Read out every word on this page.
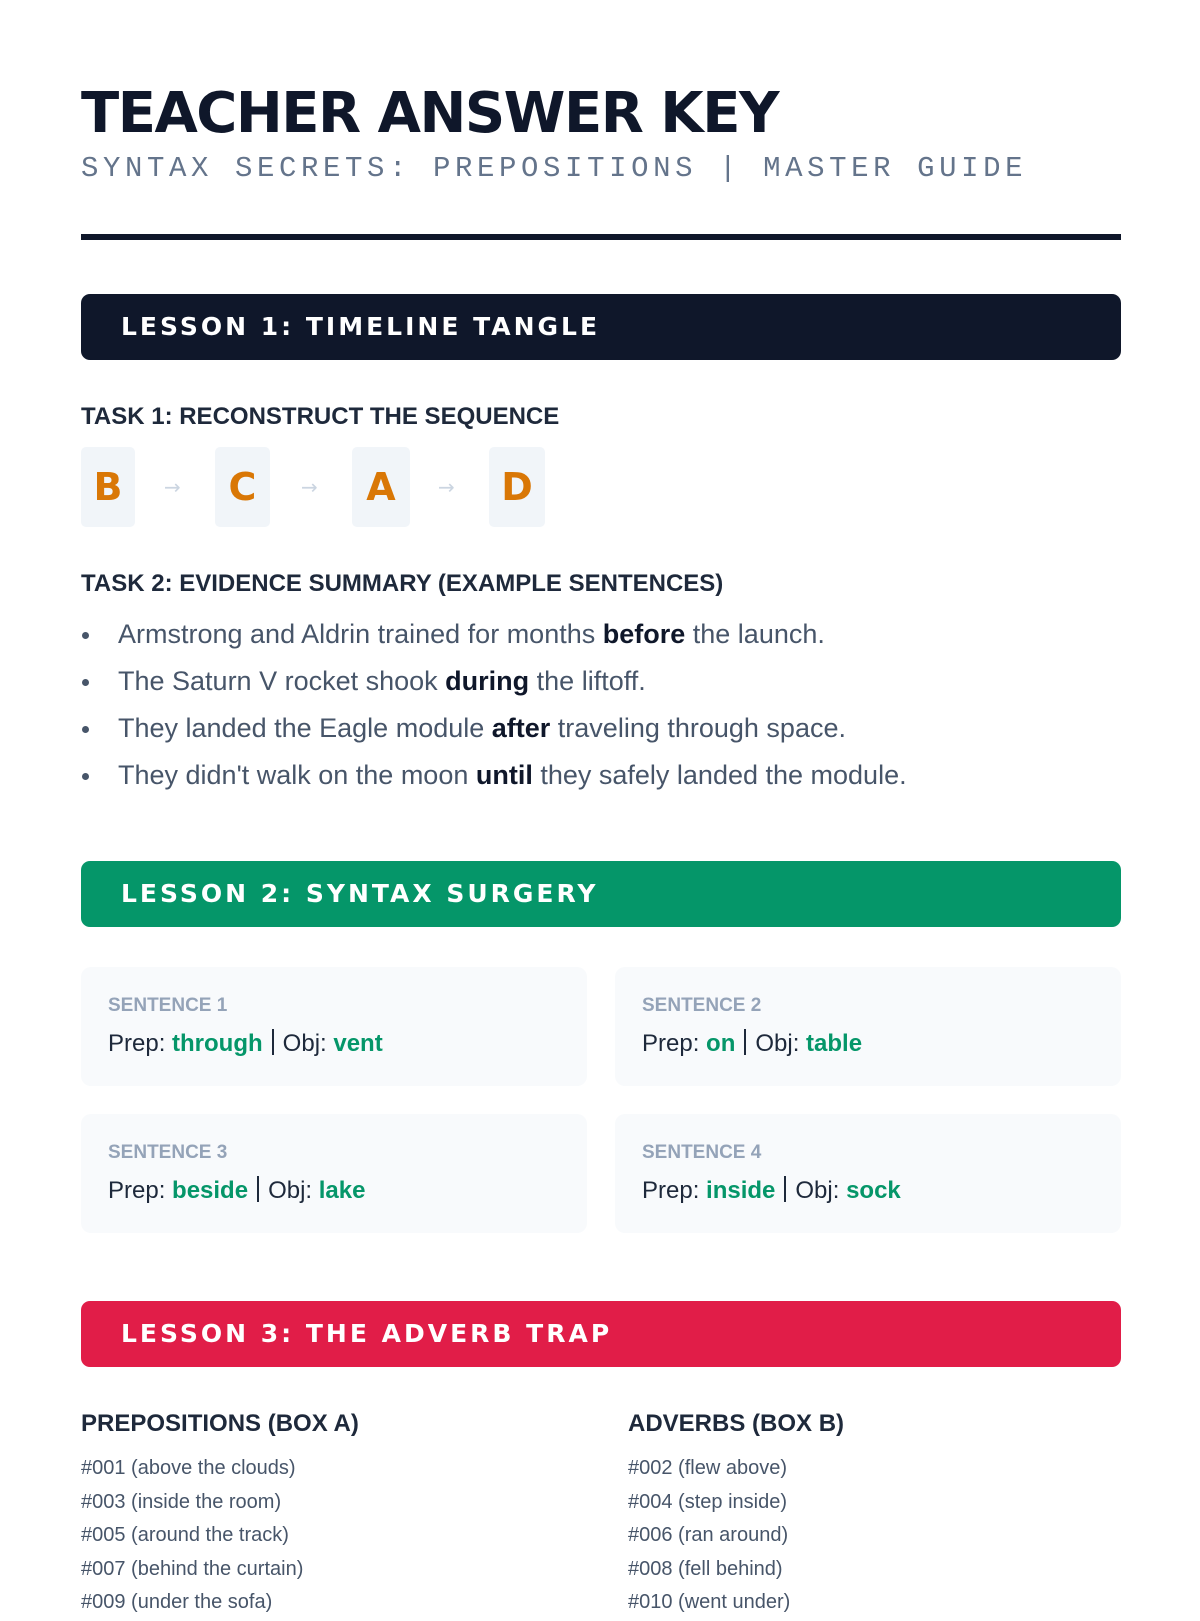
TEACHER ANSWER KEY
SYNTAX SECRETS: PREPOSITIONS | MASTER GUIDE
LESSON 1: TIMELINE TANGLE
TASK 1: RECONSTRUCT THE SEQUENCE
B	→	C	→	A	→	D
TASK 2: EVIDENCE SUMMARY (EXAMPLE SENTENCES)
Armstrong and Aldrin trained for months before the launch.
The Saturn V rocket shook during the liftoff.
They landed the Eagle module after traveling through space.
They didn't walk on the moon until they safely landed the module.
LESSON 2: SYNTAX SURGERY
SENTENCE 1
Prep: through Obj: vent
SENTENCE 2
Prep: on Obj: table
SENTENCE 3
Prep: beside Obj: lake
SENTENCE 4
Prep: inside Obj: sock
LESSON 3: THE ADVERB TRAP
PREPOSITIONS (BOX A)	ADVERBS (BOX B)
#001 (above the clouds)
#003 (inside the room)
#005 (around the track)
#007 (behind the curtain)
#009 (under the sofa)
#002 (flew above)
#004 (step inside)
#006 (ran around)
#008 (fell behind)
#010 (went under)
